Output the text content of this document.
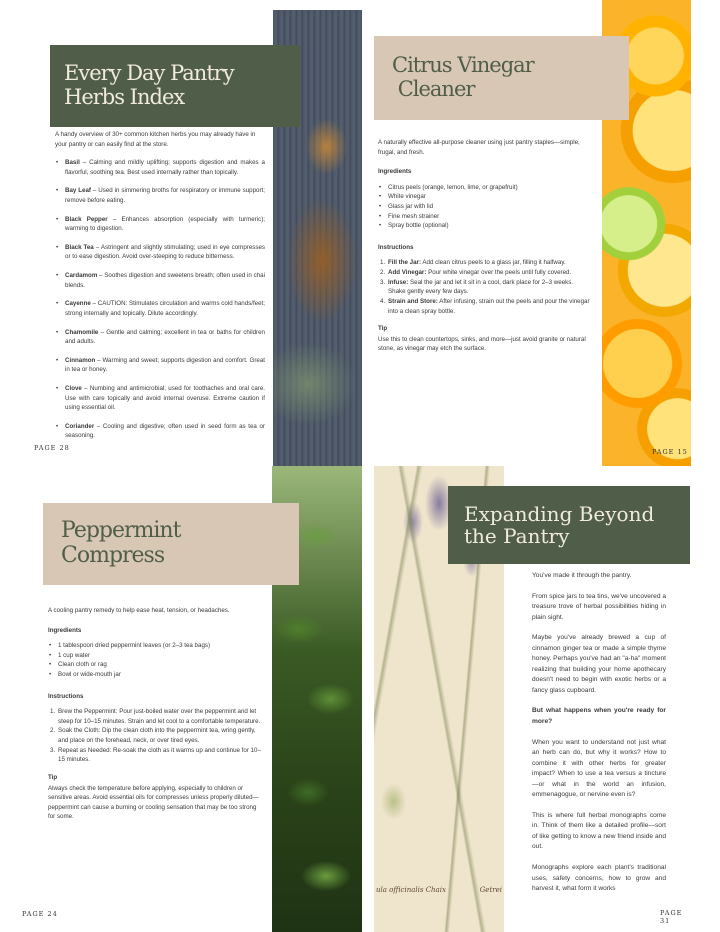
Every Day Pantry
Herbs Index

A handy overview of 30+ common kitchen herbs you may already have in your pantry or can easily find at the store.

• Basil – Calming and mildly uplifting; supports digestion and makes a flavorful, soothing tea. Best used internally rather than topically.
• Bay Leaf – Used in simmering broths for respiratory or immune support; remove before eating.
• Black Pepper – Enhances absorption (especially with turmeric); warming to digestion.
• Black Tea – Astringent and slightly stimulating; used in eye compresses or to ease digestion. Avoid over-steeping to reduce bitterness.
• Cardamom – Soothes digestion and sweetens breath; often used in chai blends.
• Cayenne – CAUTION: Stimulates circulation and warms cold hands/feet; strong internally and topically. Dilute accordingly.
• Chamomile – Gentle and calming; excellent in tea or baths for children and adults.
• Cinnamon – Warming and sweet; supports digestion and comfort. Great in tea or honey.
• Clove – Numbing and antimicrobial; used for toothaches and oral care. Use with care topically and avoid internal overuse. Extreme caution if using essential oil.
• Coriander – Cooling and digestive; often used in seed form as tea or seasoning.
PAGE 28
Citrus Vinegar
Cleaner

A naturally effective all-purpose cleaner using just pantry staples—simple, frugal, and fresh.

Ingredients
• Citrus peels (orange, lemon, lime, or grapefruit)
• White vinegar
• Glass jar with lid
• Fine mesh strainer
• Spray bottle (optional)
Instructions
1. Fill the Jar: Add clean citrus peels to a glass jar, filling it halfway.
2. Add Vinegar: Pour white vinegar over the peels until fully covered.
3. Infuse: Seal the jar and let it sit in a cool, dark place for 2–3 weeks. Shake gently every few days.
4. Strain and Store: After infusing, strain out the peels and pour the vinegar into a clean spray bottle.
Tip

Use this to clean countertops, sinks, and more—just avoid granite or natural stone, as vinegar may etch the surface.

PAGE 15
Peppermint
Compress

A cooling pantry remedy to help ease heat, tension, or headaches.

Ingredients
• 1 tablespoon dried peppermint leaves (or 2–3 tea bags)
• 1 cup water
• Clean cloth or rag
• Bowl or wide-mouth jar
Instructions
1. Brew the Peppermint: Pour just-boiled water over the peppermint and let steep for 10–15 minutes. Strain and let cool to a comfortable temperature.
2. Soak the Cloth: Dip the clean cloth into the peppermint tea, wring gently, and place on the forehead, neck, or over tired eyes.
3. Repeat as Needed: Re-soak the cloth as it warms up and continue for 10–15 minutes.
Tip

Always check the temperature before applying, especially to children or sensitive areas. Avoid essential oils for compresses unless properly diluted—peppermint can cause a burning or cooling sensation that may be too strong for some.

PAGE 24
ula officinalis Chaix	Getrei
Expanding Beyond
the Pantry

You've made it through the pantry.

From spice jars to tea tins, we've uncovered a treasure trove of herbal possibilities hiding in plain sight.

Maybe you've already brewed a cup of cinnamon ginger tea or made a simple thyme honey. Perhaps you've had an "a-ha" moment realizing that building your home apothecary doesn't need to begin with exotic herbs or a fancy glass cupboard.

But what happens when you're ready for more?

When you want to understand not just what an herb can do, but why it works? How to combine it with other herbs for greater impact? When to use a tea versus a tincture—or what in the world an infusion, emmenagogue, or nervine even is?

This is where full herbal monographs come in. Think of them like a detailed profile—sort of like getting to know a new friend inside and out.

Monographs explore each plant's traditional uses, safety concerns, how to grow and harvest it, what form it works

PAGE 31
